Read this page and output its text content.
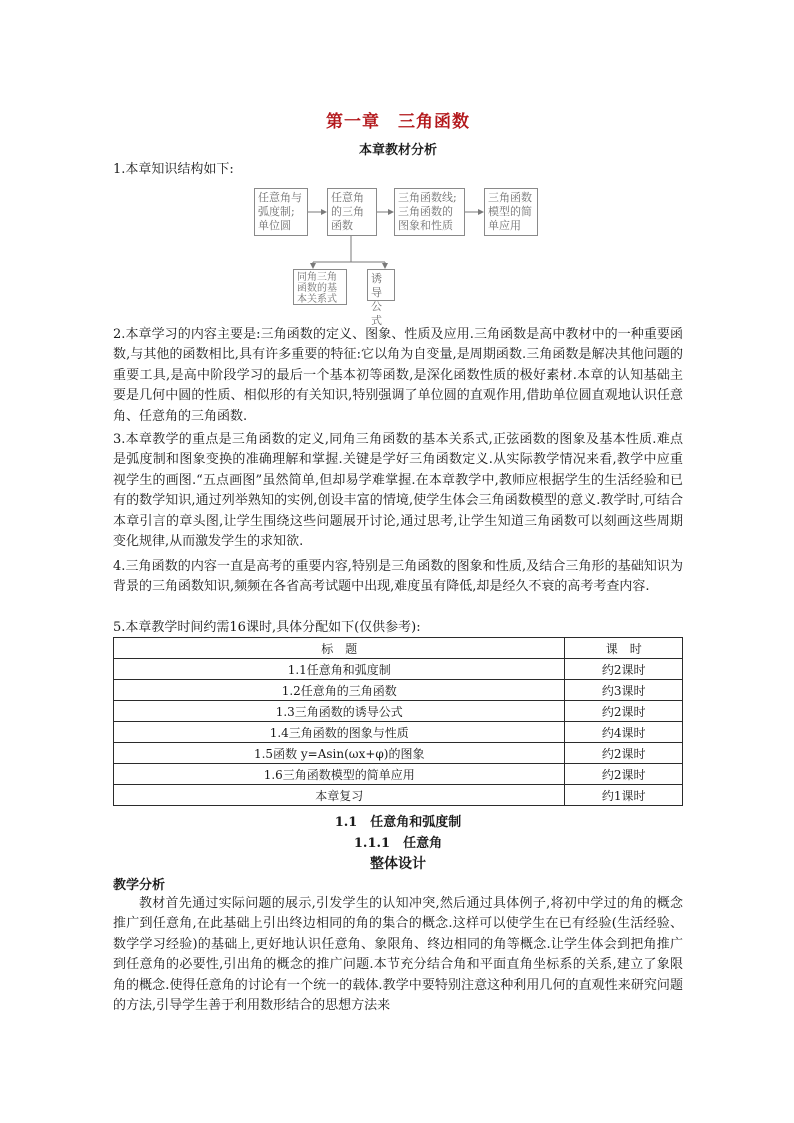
第一章　三角函数
本章教材分析

1.本章知识结构如下:

任意角与
弧度制;
单位圆
任意角
的三角
函数
三角函数线;
三角函数的
图象和性质
三角函数
模型的简
单应用
同角三角
函数的基
本关系式
诱导
公式

2.本章学习的内容主要是:三角函数的定义、图象、性质及应用.三角函数是高中教材中的一种重要函数,与其他的函数相比,具有许多重要的特征:它以角为自变量,是周期函数.三角函数是解决其他问题的重要工具,是高中阶段学习的最后一个基本初等函数,是深化函数性质的极好素材.本章的认知基础主要是几何中圆的性质、相似形的有关知识,特别强调了单位圆的直观作用,借助单位圆直观地认识任意角、任意角的三角函数.

3.本章教学的重点是三角函数的定义,同角三角函数的基本关系式,正弦函数的图象及基本性质.难点是弧度制和图象变换的准确理解和掌握.关键是学好三角函数定义.从实际教学情况来看,教学中应重视学生的画图.“五点画图”虽然简单,但却易学难掌握.在本章教学中,教师应根据学生的生活经验和已有的数学知识,通过列举熟知的实例,创设丰富的情境,使学生体会三角函数模型的意义.教学时,可结合本章引言的章头图,让学生围绕这些问题展开讨论,通过思考,让学生知道三角函数可以刻画这些周期变化规律,从而激发学生的求知欲.

4.三角函数的内容一直是高考的重要内容,特别是三角函数的图象和性质,及结合三角形的基础知识为背景的三角函数知识,频频在各省高考试题中出现,难度虽有降低,却是经久不衰的高考考查内容.

5.本章教学时间约需16课时,具体分配如下(仅供参考):

标　题	课　时
1.1任意角和弧度制	约2课时
1.2任意角的三角函数	约3课时
1.3三角函数的诱导公式	约2课时
1.4三角函数的图象与性质	约4课时
1.5函数 y=Asin(ωx+φ)的图象	约2课时
1.6三角函数模型的简单应用	约2课时
本章复习	约1课时
1.1　任意角和弧度制
1.1.1　任意角
整体设计
教学分析

教材首先通过实际问题的展示,引发学生的认知冲突,然后通过具体例子,将初中学过的角的概念推广到任意角,在此基础上引出终边相同的角的集合的概念.这样可以使学生在已有经验(生活经验、数学学习经验)的基础上,更好地认识任意角、象限角、终边相同的角等概念.让学生体会到把角推广到任意角的必要性,引出角的概念的推广问题.本节充分结合角和平面直角坐标系的关系,建立了象限角的概念.使得任意角的讨论有一个统一的载体.教学中要特别注意这种利用几何的直观性来研究问题的方法,引导学生善于利用数形结合的思想方法来
